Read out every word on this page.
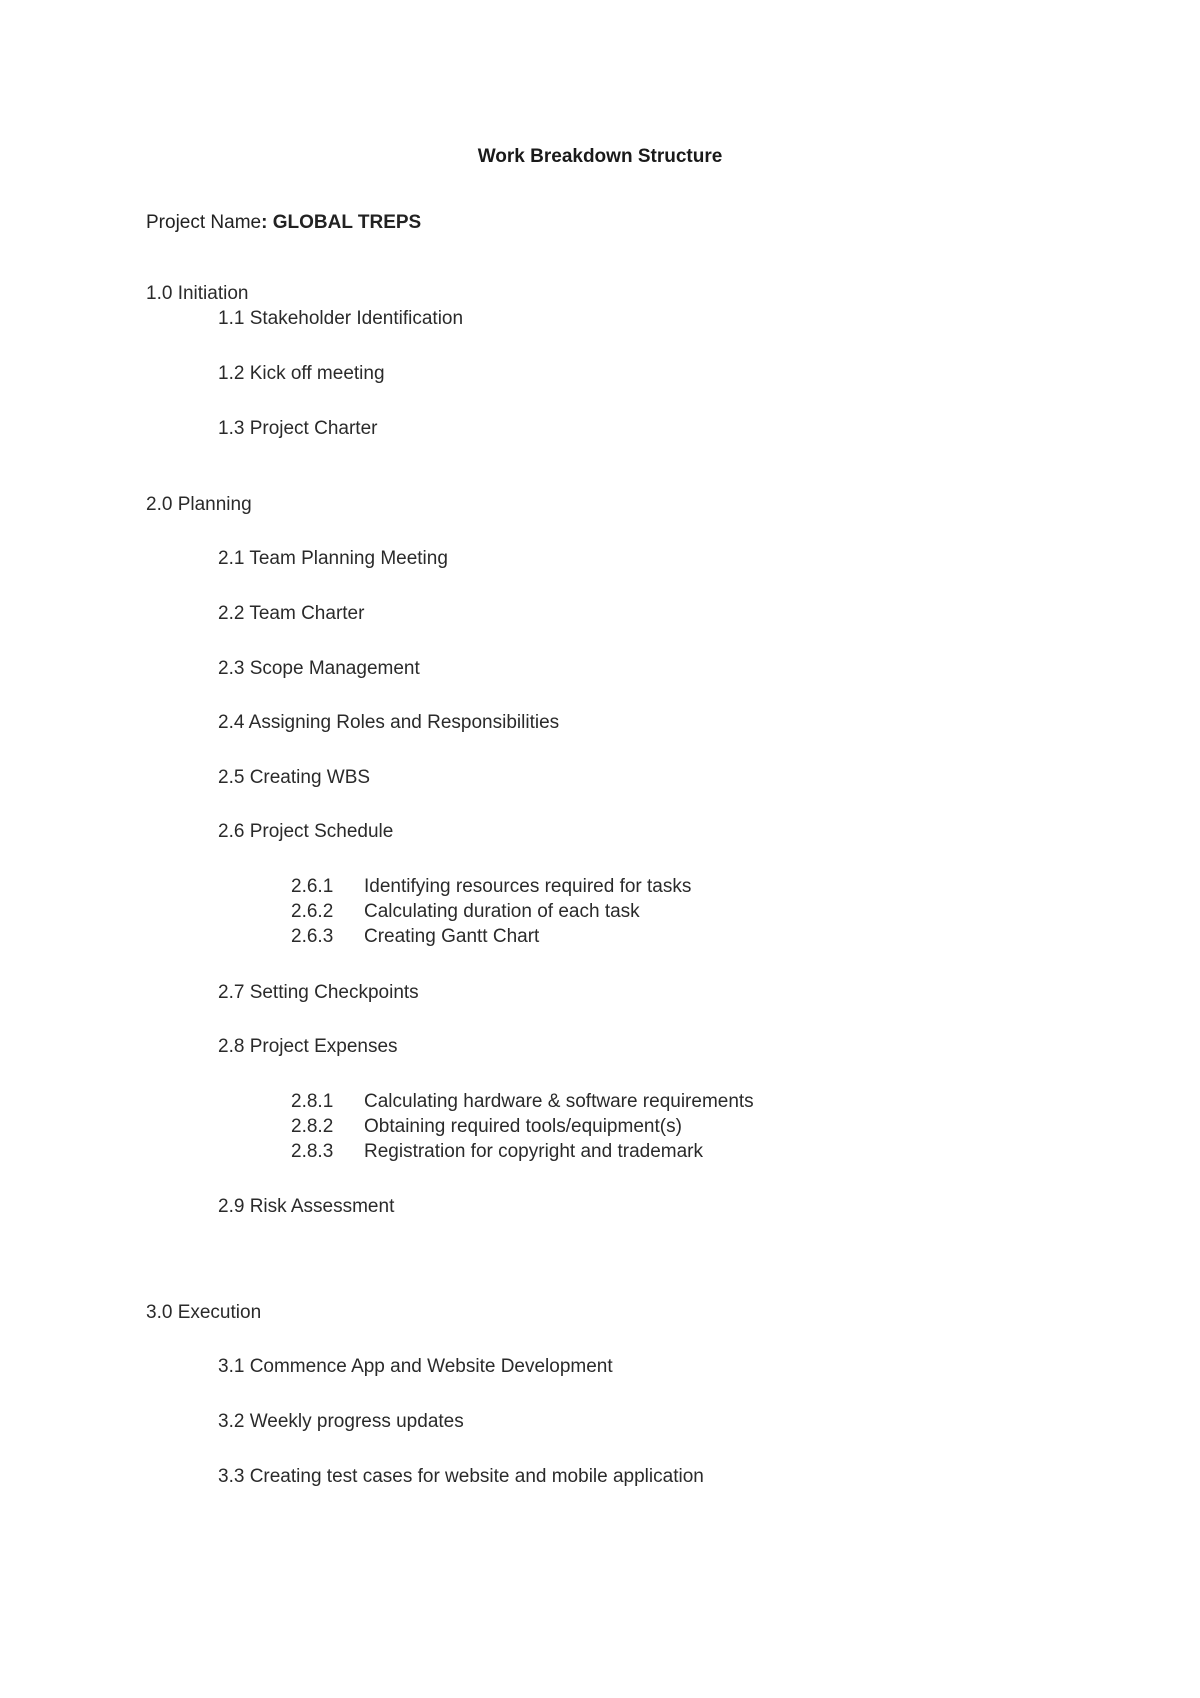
Work Breakdown Structure
Project Name: GLOBAL TREPS
1.0 Initiation
1.1 Stakeholder Identification
1.2 Kick off meeting
1.3 Project Charter
2.0 Planning
2.1 Team Planning Meeting
2.2 Team Charter
2.3 Scope Management
2.4 Assigning Roles and Responsibilities
2.5 Creating WBS
2.6 Project Schedule
2.6.1 Identifying resources required for tasks
2.6.2 Calculating duration of each task
2.6.3 Creating Gantt Chart
2.7 Setting Checkpoints
2.8 Project Expenses
2.8.1 Calculating hardware & software requirements
2.8.2 Obtaining required tools/equipment(s)
2.8.3 Registration for copyright and trademark
2.9 Risk Assessment
3.0 Execution
3.1 Commence App and Website Development
3.2 Weekly progress updates
3.3 Creating test cases for website and mobile application
